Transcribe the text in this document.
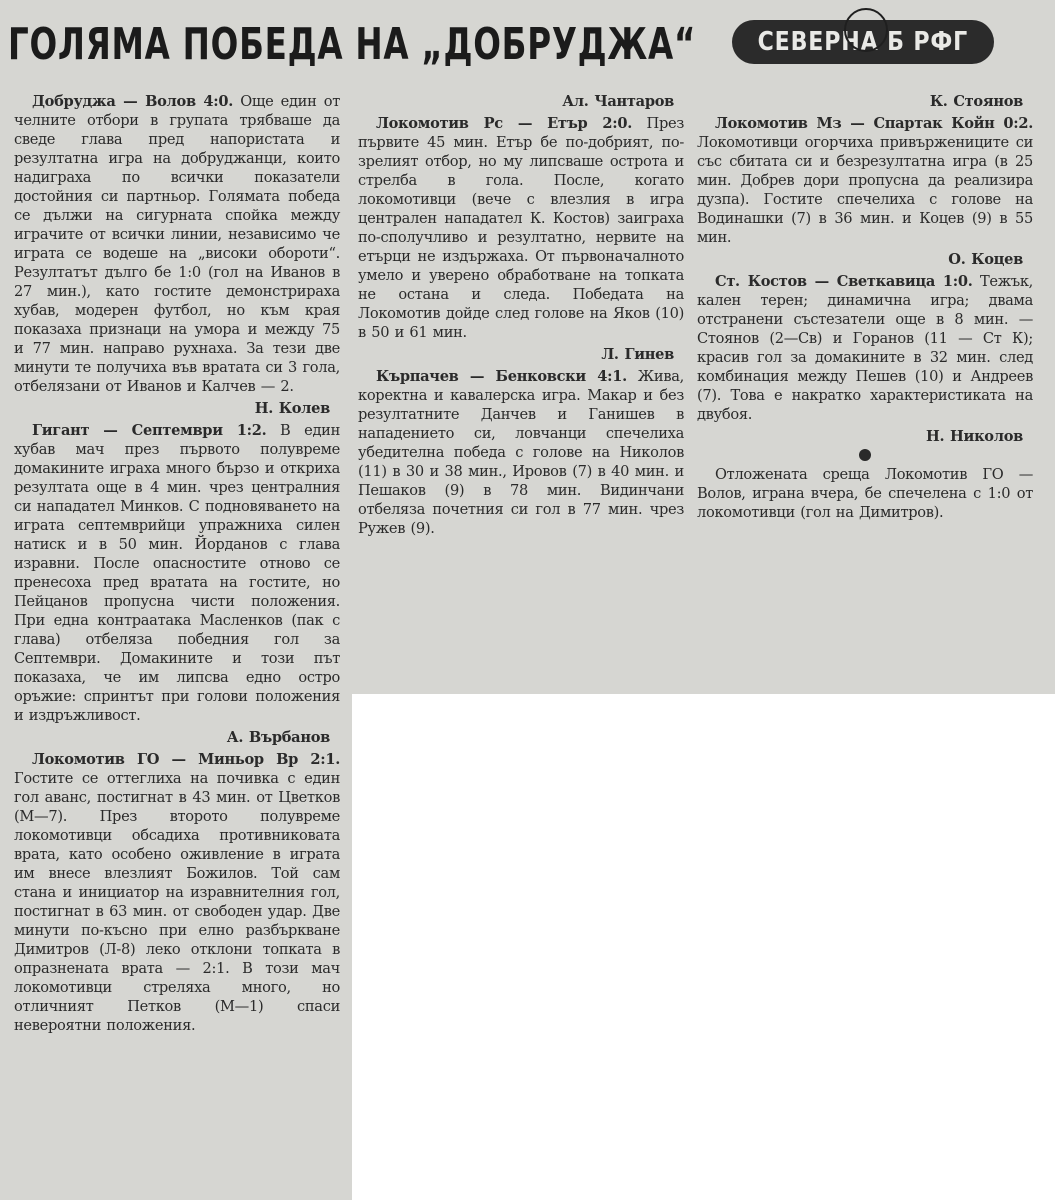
ГОЛЯМА ПОБЕДА НА „ДОБРУДЖА“ СЕВЕРНА Б РФГ

Добруджа — Волов 4:0. Още един от челните отбори в групата трябваше да сведе глава пред напористата и резултатна игра на добруджанци, които надиграха по всички показатели достойния си партньор. Голямата победа се дължи на сигурната спойка между играчите от всички линии, независимо че играта се водеше на „високи обороти“. Резултатът дълго бе 1:0 (гол на Иванов в 27 мин.), като гостите демонстрираха хубав, модерен футбол, но към края показаха признаци на умора и между 75 и 77 мин. направо рухнаха. За тези две минути те получиха във вратата си 3 гола, отбелязани от Иванов и Калчев — 2.

Н. Колев

Гигант — Септември 1:2. В един хубав мач през първото полувреме домакините играха много бързо и откриха резултата още в 4 мин. чрез централния си нападател Минков. С подновяването на играта септемврийци упражниха силен натиск и в 50 мин. Йорданов с глава изравни. После опасностите отново се пренесоха пред вратата на гостите, но Пейцанов пропусна чисти положения. При една контраатака Масленков (пак с глава) отбеляза победния гол за Септември. Домакините и този път показаха, че им липсва едно остро оръжие: спринтът при голови положения и издръжливост.

А. Върбанов

Локомотив ГО — Миньор Вр 2:1. Гостите се оттеглиха на почивка с един гол аванс, постигнат в 43 мин. от Цветков (М—7). През второто полувреме локомотивци обсадиха противниковата врата, като особено оживление в играта им внесе влезлият Божилов. Той сам стана и инициатор на изравнителния гол, постигнат в 63 мин. от свободен удар. Две минути по-късно при елно разбъркване Димитров (Л-8) леко отклони топката в опразнената врата — 2:1. В този мач локомотивци стреляха много, но отличният Петков (М—1) спаси невероятни положения.

Ал. Чантаров

Локомотив Рс — Етър 2:0. През първите 45 мин. Етър бе по-добрият, по-зрелият отбор, но му липсваше острота и стрелба в гола. После, когато локомотивци (вече с влезлия в игра централен нападател К. Костов) заиграха по-сполучливо и резултатно, нервите на етърци не издържаха. От първоначалното умело и уверено обработване на топката не остана и следа. Победата на Локомотив дойде след голове на Яков (10) в 50 и 61 мин.

Л. Гинев

Кърпачев — Бенковски 4:1. Жива, коректна и кавалерска игра. Макар и без резултатните Данчев и Ганишев в нападението си, ловчанци спечелиха убедителна победа с голове на Николов (11) в 30 и 38 мин., Ировов (7) в 40 мин. и Пешаков (9) в 78 мин. Видинчани отбеляза почетния си гол в 77 мин. чрез Ружев (9).

К. Стоянов

Локомотив Мз — Спартак Койн 0:2. Локомотивци огорчиха привържениците си със сбитата си и безрезултатна игра (в 25 мин. Добрев дори пропусна да реализира дузпа). Гостите спечелиха с голове на Водинашки (7) в 36 мин. и Коцев (9) в 55 мин.

О. Коцев

Ст. Костов — Светкавица 1:0. Тежък, кален терен; динамична игра; двама отстранени състезатели още в 8 мин. — Стоянов (2—Св) и Горанов (11 — Ст К); красив гол за домакините в 32 мин. след комбинация между Пешев (10) и Андреев (7). Това е накратко характеристиката на двубоя.

Н. Николов

Отложената среща Локомотив ГО — Волов, играна вчера, бе спечелена с 1:0 от локомотивци (гол на Димитров).
